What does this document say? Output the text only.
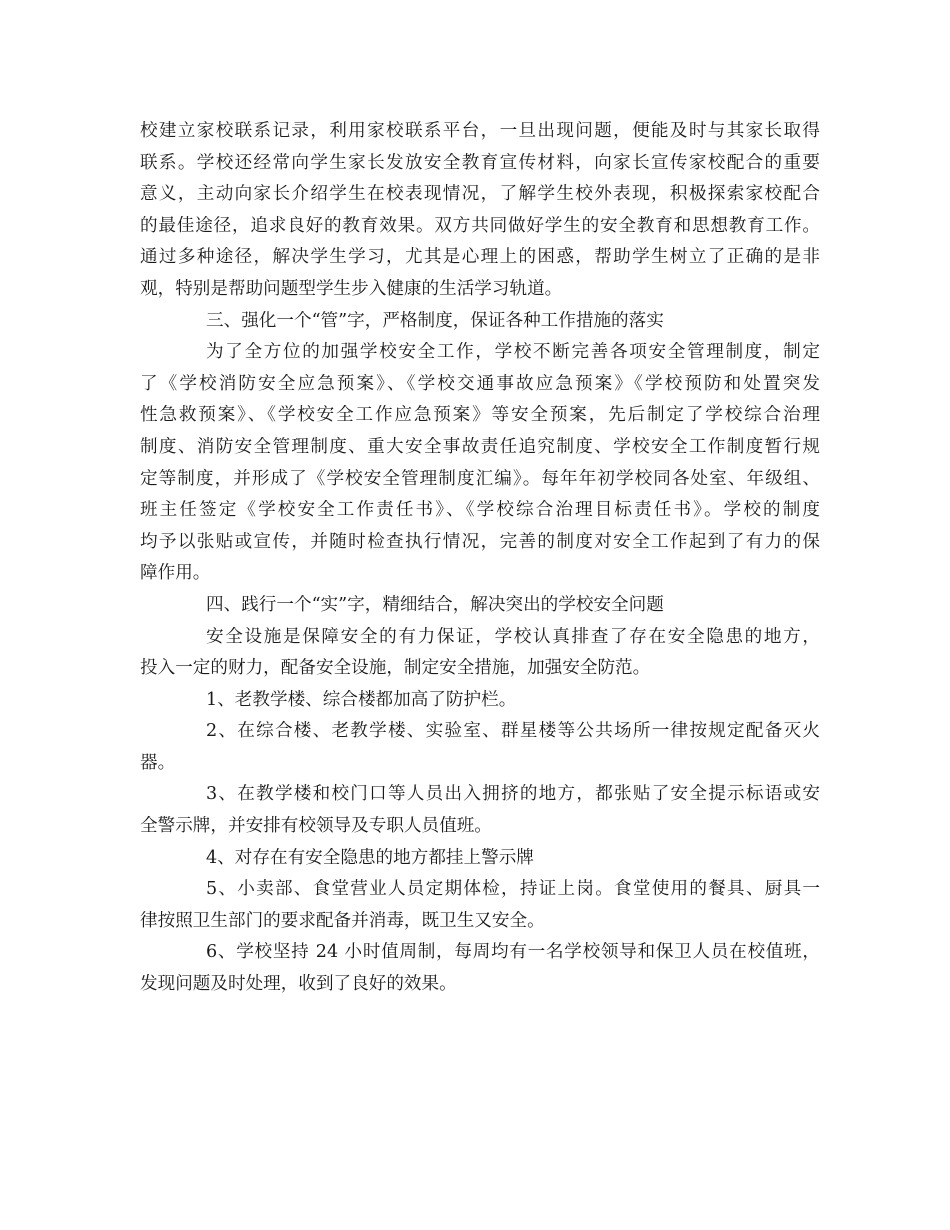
校建立家校联系记录，利用家校联系平台，一旦出现问题，便能及时与其家长取得
联系。学校还经常向学生家长发放安全教育宣传材料，向家长宣传家校配合的重要
意义，主动向家长介绍学生在校表现情况，了解学生校外表现，积极探索家校配合
的最佳途径，追求良好的教育效果。双方共同做好学生的安全教育和思想教育工作。
通过多种途径，解决学生学习，尤其是心理上的困惑，帮助学生树立了正确的是非
观，特别是帮助问题型学生步入健康的生活学习轨道。
三、强化一个“管”字，严格制度，保证各种工作措施的落实
为了全方位的加强学校安全工作，学校不断完善各项安全管理制度，制定
了《学校消防安全应急预案》、《学校交通事故应急预案》《学校预防和处置突发
性急救预案》、《学校安全工作应急预案》等安全预案，先后制定了学校综合治理
制度、消防安全管理制度、重大安全事故责任追究制度、学校安全工作制度暂行规
定等制度，并形成了《学校安全管理制度汇编》。每年年初学校同各处室、年级组、
班主任签定《学校安全工作责任书》、《学校综合治理目标责任书》。学校的制度
均予以张贴或宣传，并随时检查执行情况，完善的制度对安全工作起到了有力的保
障作用。
四、践行一个“实”字，精细结合，解决突出的学校安全问题
安全设施是保障安全的有力保证，学校认真排查了存在安全隐患的地方，
投入一定的财力，配备安全设施，制定安全措施，加强安全防范。
1、老教学楼、综合楼都加高了防护栏。
2、在综合楼、老教学楼、实验室、群星楼等公共场所一律按规定配备灭火
器。
3、在教学楼和校门口等人员出入拥挤的地方，都张贴了安全提示标语或安
全警示牌，并安排有校领导及专职人员值班。
4、对存在有安全隐患的地方都挂上警示牌
5、小卖部、食堂营业人员定期体检，持证上岗。食堂使用的餐具、厨具一
律按照卫生部门的要求配备并消毒，既卫生又安全。
6、学校坚持 24 小时值周制，每周均有一名学校领导和保卫人员在校值班，
发现问题及时处理，收到了良好的效果。
